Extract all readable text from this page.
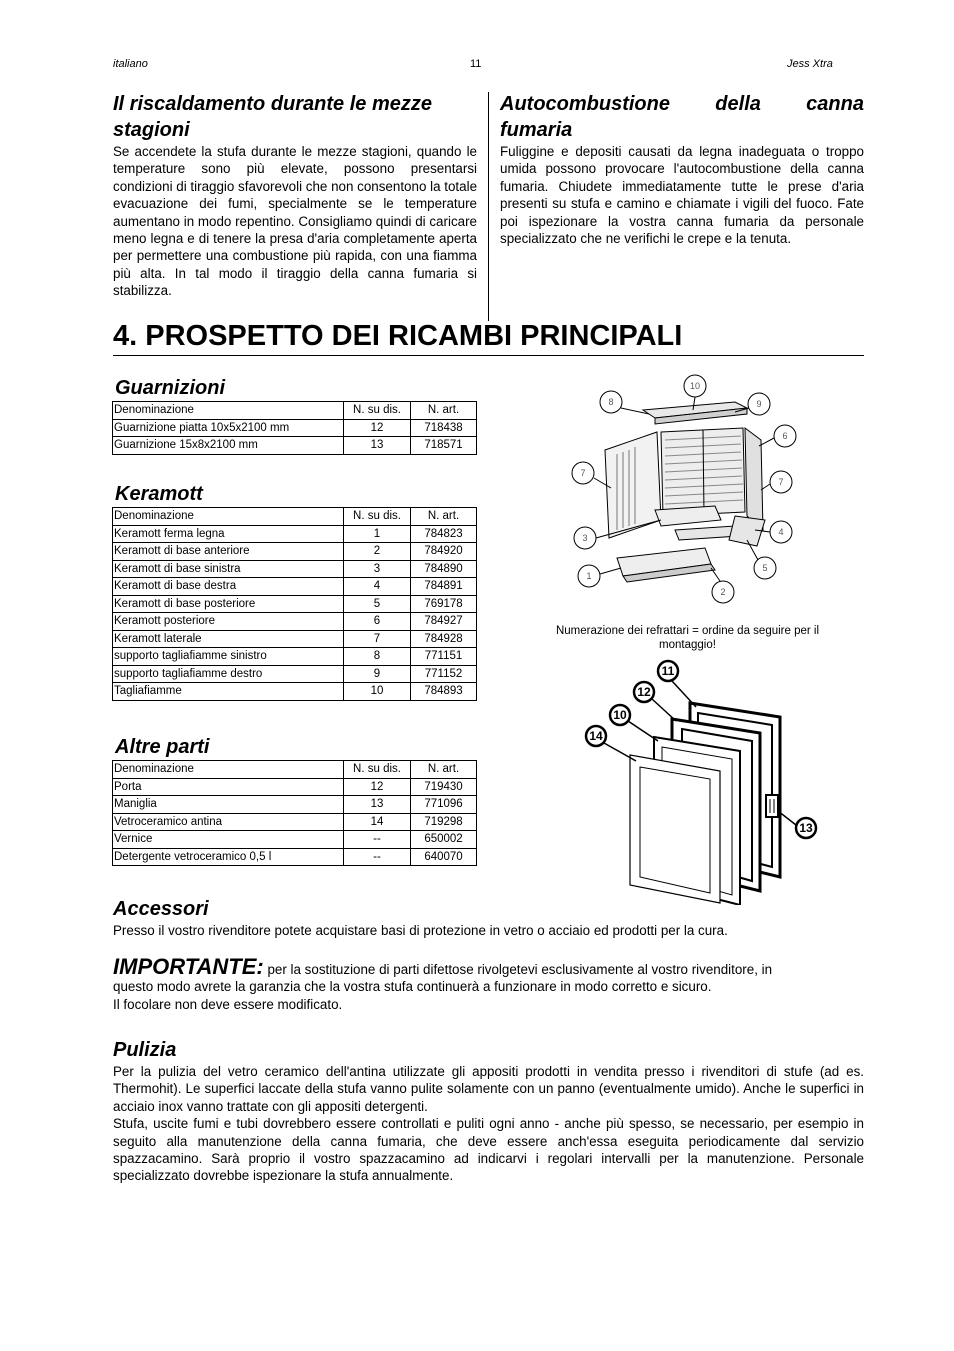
italiano	11	Jess Xtra
Il riscaldamento durante le mezze stagioni

Se accendete la stufa durante le mezze stagioni, quando le temperature sono più elevate, possono presentarsi condizioni di tiraggio sfavorevoli che non consentono la totale evacuazione dei fumi, specialmente se le temperature aumentano in modo repentino. Consigliamo quindi di caricare meno legna e di tenere la presa d'aria completamente aperta per permettere una combustione più rapida, con una fiamma più alta. In tal modo il tiraggio della canna fumaria si stabilizza.

Autocombustione della canna
fumaria

Fuliggine e depositi causati da legna inadeguata o troppo umida possono provocare l'autocombustione della canna fumaria. Chiudete immediatamente tutte le prese d'aria presenti su stufa e camino e chiamate i vigili del fuoco. Fate poi ispezionare la vostra canna fumaria da personale specializzato che ne verifichi le crepe e la tenuta.

4. PROSPETTO DEI RICAMBI PRINCIPALI
Guarnizioni
Denominazione	N. su dis.	N. art.
Guarnizione piatta 10x5x2100 mm	12	718438
Guarnizione 15x8x2100 mm	13	718571
Keramott
Denominazione	N. su dis.	N. art.
Keramott ferma legna	1	784823
Keramott di base anteriore	2	784920
Keramott di base sinistra	3	784890
Keramott di base destra	4	784891
Keramott di base posteriore	5	769178
Keramott posteriore	6	784927
Keramott laterale	7	784928
supporto tagliafiamme sinistro	8	771151
supporto tagliafiamme destro	9	771152
Tagliafiamme	10	784893
Altre parti
Denominazione	N. su dis.	N. art.
Porta	12	719430
Maniglia	13	771096
Vetroceramico antina	14	719298
Vernice	--	650002
Detergente vetroceramico 0,5 l	--	640070
10
8	9
6
7
7
3
4
5
1
2
Numerazione dei refrattari = ordine da seguire per il montaggio!
11
12
10
14
13
Accessori

Presso il vostro rivenditore potete acquistare basi di protezione in vetro o acciaio ed prodotti per la cura.

IMPORTANTE: per la sostituzione di parti difettose rivolgetevi esclusivamente al vostro rivenditore, in
questo modo avrete la garanzia che la vostra stufa continuerà a funzionare in modo corretto e sicuro.
Il focolare non deve essere modificato.
Pulizia

Per la pulizia del vetro ceramico dell'antina utilizzate gli appositi prodotti in vendita presso i rivenditori di stufe (ad es. Thermohit). Le superfici laccate della stufa vanno pulite solamente con un panno (eventualmente umido). Anche le superfici in acciaio inox vanno trattate con gli appositi detergenti.

Stufa, uscite fumi e tubi dovrebbero essere controllati e puliti ogni anno - anche più spesso, se necessario, per esempio in seguito alla manutenzione della canna fumaria, che deve essere anch'essa eseguita periodicamente dal servizio spazzacamino. Sarà proprio il vostro spazzacamino ad indicarvi i regolari intervalli per la manutenzione. Personale specializzato dovrebbe ispezionare la stufa annualmente.
